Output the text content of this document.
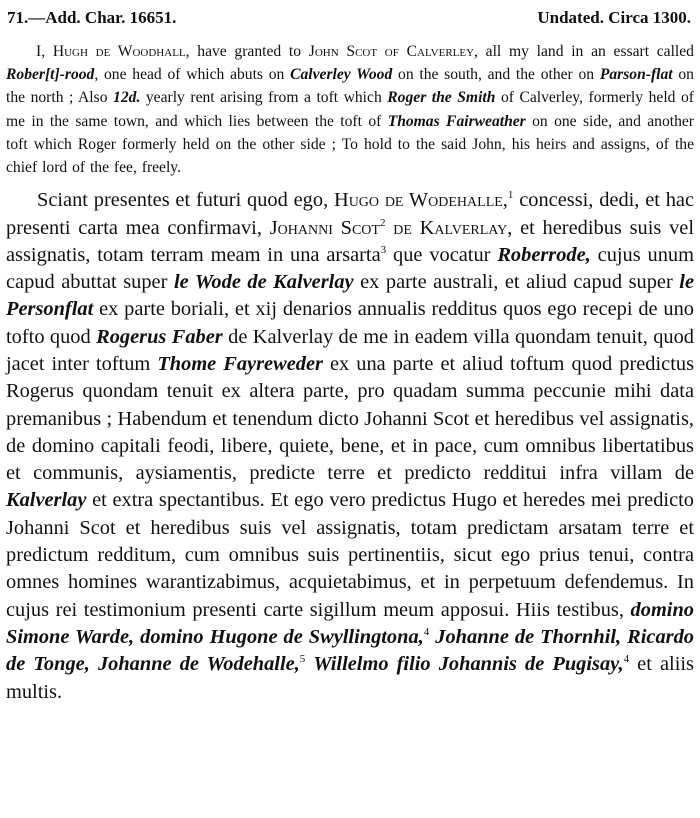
71.—Add. Char. 16651.	Undated. Circa 1300.

I, Hugh de Woodhall, have granted to John Scot of Calverley, all my land in an essart called Rober[t]-rood, one head of which abuts on Calverley Wood on the south, and the other on Parson-flat on the north ; Also 12d. yearly rent arising from a toft which Roger the Smith of Calverley, formerly held of me in the same town, and which lies between the toft of Thomas Fairweather on one side, and another toft which Roger formerly held on the other side ; To hold to the said John, his heirs and assigns, of the chief lord of the fee, freely.

Sciant presentes et futuri quod ego, Hugo de Wodehalle,$^1$ concessi, dedi, et hac presenti carta mea confirmavi, Johanni Scot$^2$ de Kalverlay, et heredibus suis vel assignatis, totam terram meam in una arsarta$^3$ que vocatur Roberrode, cujus unum capud abuttat super le Wode de Kalverlay ex parte australi, et aliud capud super le Personflat ex parte boriali, et xij denarios annualis redditus quos ego recepi de uno tofto quod Rogerus Faber de Kalverlay de me in eadem villa quondam tenuit, quod jacet inter toftum Thome Fayreweder ex una parte et aliud toftum quod predictus Rogerus quondam tenuit ex altera parte, pro quadam summa peccunie mihi data premanibus ; Habendum et tenendum dicto Johanni Scot et heredibus vel assignatis, de domino capitali feodi, libere, quiete, bene, et in pace, cum omnibus libertatibus et communis, aysiamentis, predicte terre et predicto redditui infra villam de Kalverlay et extra spectantibus. Et ego vero predictus Hugo et heredes mei predicto Johanni Scot et heredibus suis vel assignatis, totam predictam arsatam terre et predictum redditum, cum omnibus suis pertinentiis, sicut ego prius tenui, contra omnes homines warantizabimus, acquietabimus, et in perpetuum defendemus. In cujus rei testimonium presenti carte sigillum meum apposui. Hiis testibus, domino Simone Warde, domino Hugone de Swyllingtona,$^4$ Johanne de Thornhil, Ricardo de Tonge, Johanne de Wodehalle,$^5$ Willelmo filio Johannis de Pugisay,$^4$ et aliis multis.
